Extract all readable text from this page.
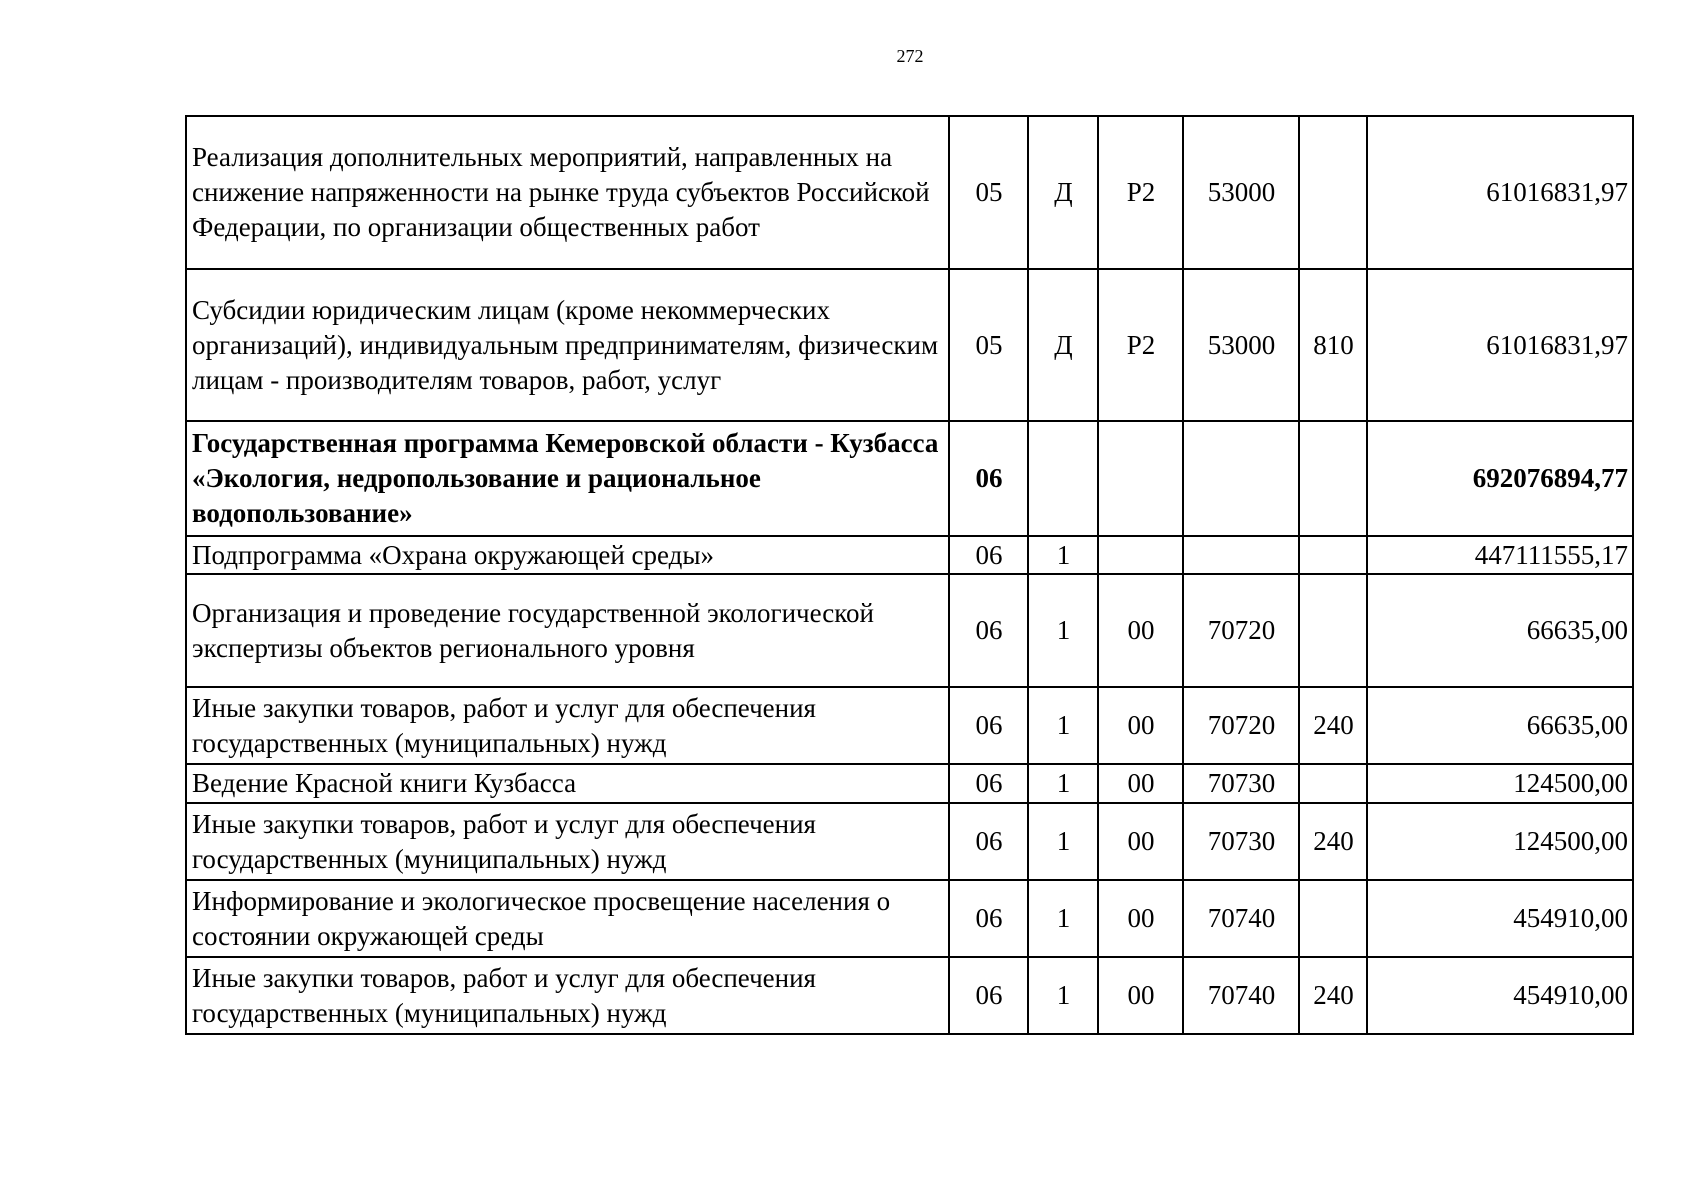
272
Реализация дополнительных мероприятий, направленных на снижение напряженности на рынке труда субъектов Российской Федерации, по организации общественных работ	05	Д	P2	53000		61016831,97
Субсидии юридическим лицам (кроме некоммерческих организаций), индивидуальным предпринимателям, физическим лицам - производителям товаров, работ, услуг	05	Д	P2	53000	810	61016831,97
Государственная программа Кемеровской области - Кузбасса «Экология, недропользование и рациональное водопользование»	06					692076894,77
Подпрограмма «Охрана окружающей среды»	06	1				447111555,17
Организация и проведение государственной экологической экспертизы объектов регионального уровня	06	1	00	70720		66635,00
Иные закупки товаров, работ и услуг для обеспечения государственных (муниципальных) нужд	06	1	00	70720	240	66635,00
Ведение Красной книги Кузбасса	06	1	00	70730		124500,00
Иные закупки товаров, работ и услуг для обеспечения государственных (муниципальных) нужд	06	1	00	70730	240	124500,00
Информирование и экологическое просвещение населения о состоянии окружающей среды	06	1	00	70740		454910,00
Иные закупки товаров, работ и услуг для обеспечения государственных (муниципальных) нужд	06	1	00	70740	240	454910,00
